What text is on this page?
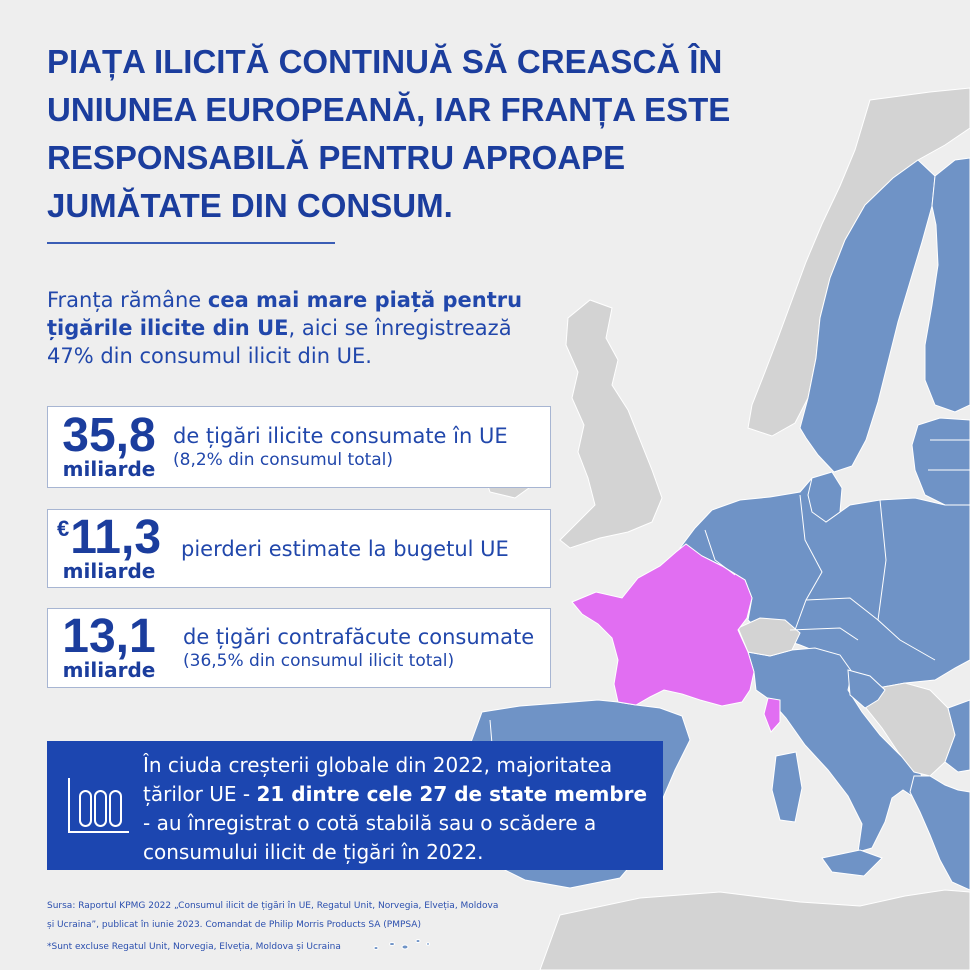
PIAȚA ILICITĂ CONTINUĂ SĂ CREASCĂ ÎN
UNIUNEA EUROPEANĂ, IAR FRANȚA ESTE
RESPONSABILĂ PENTRU APROAPE
JUMĂTATE DIN CONSUM.
Franța rămâne cea mai mare piață pentru
țigările ilicite din UE, aici se înregistrează
47% din consumul ilicit din UE.
35,8
miliarde
de țigări ilicite consumate în UE
(8,2% din consumul total)
€11,3
miliarde
pierderi estimate la bugetul UE
13,1
miliarde
de țigări contrafăcute consumate
(36,5% din consumul ilicit total)
În ciuda creșterii globale din 2022, majoritatea
țărilor UE - 21 dintre cele 27 de state membre
- au înregistrat o cotă stabilă sau o scădere a
consumului ilicit de țigări în 2022.
Sursa: Raportul KPMG 2022 „Consumul ilicit de țigări în UE, Regatul Unit, Norvegia, Elveția, Moldova
și Ucraina”, publicat în iunie 2023. Comandat de Philip Morris Products SA (PMPSA)
*Sunt excluse Regatul Unit, Norvegia, Elveția, Moldova și Ucraina
